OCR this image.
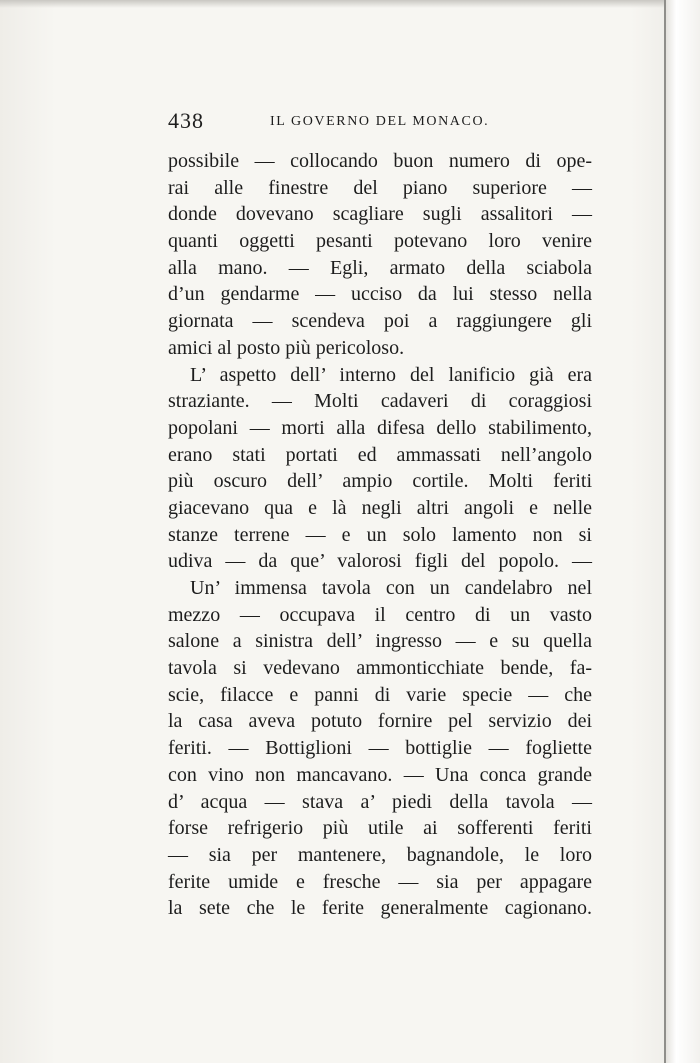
438	IL GOVERNO DEL MONACO.
possibile — collocando buon numero di ope-
rai alle finestre del piano superiore —
donde dovevano scagliare sugli assalitori —
quanti oggetti pesanti potevano loro venire
alla mano. — Egli, armato della sciabola
d’un gendarme — ucciso da lui stesso nella
giornata — scendeva poi a raggiungere gli
amici al posto più pericoloso.
L’ aspetto dell’ interno del lanificio già era
straziante. — Molti cadaveri di coraggiosi
popolani — morti alla difesa dello stabilimento,
erano stati portati ed ammassati nell’angolo
più oscuro dell’ ampio cortile. Molti feriti
giacevano qua e là negli altri angoli e nelle
stanze terrene — e un solo lamento non si
udiva — da que’ valorosi figli del popolo. —
Un’ immensa tavola con un candelabro nel
mezzo — occupava il centro di un vasto
salone a sinistra dell’ ingresso — e su quella
tavola si vedevano ammonticchiate bende, fa-
scie, filacce e panni di varie specie — che
la casa aveva potuto fornire pel servizio dei
feriti. — Bottiglioni — bottiglie — fogliette
con vino non mancavano. — Una conca grande
d’ acqua — stava a’ piedi della tavola —
forse refrigerio più utile ai sofferenti feriti
— sia per mantenere, bagnandole, le loro
ferite umide e fresche — sia per appagare
la sete che le ferite generalmente cagionano.
